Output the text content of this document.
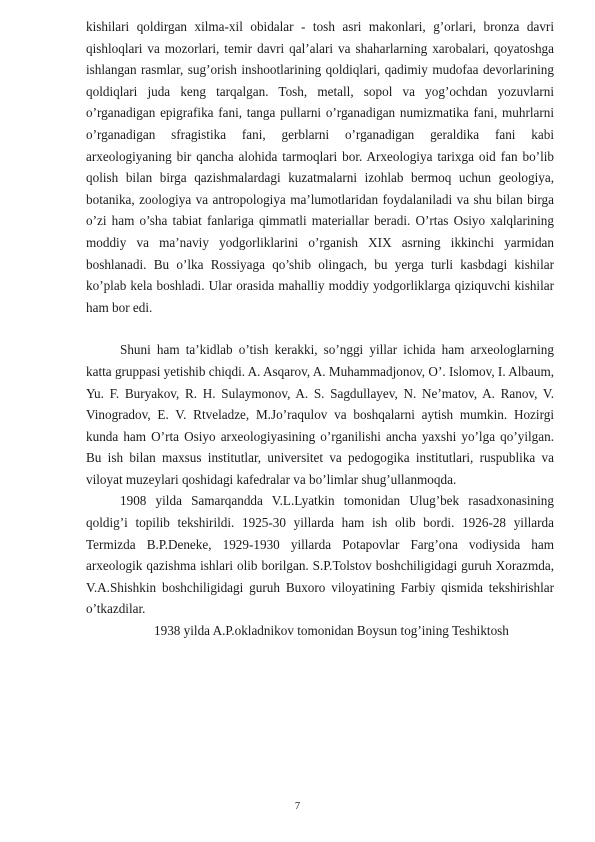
kishilari qoldirgan xilma-xil obidalar - tosh asri makonlari, g’orlari, bronza davri qishloqlari va mozorlari, temir davri qal’alari va shaharlarning xarobalari, qoyatoshga ishlangan rasmlar, sug’orish inshootlarining qoldiqlari, qadimiy mudofaa devorlarining qoldiqlari juda keng tarqalgan. Tosh, metall, sopol va yog’ochdan yozuvlarni o’rganadigan epigrafika fani, tanga pullarni o’rganadigan numizmatika fani, muhrlarni o’rganadigan sfragistika fani, gerblarni o’rganadigan geraldika fani kabi arxeologiyaning bir qancha alohida tarmoqlari bor. Arxeologiya tarixga oid fan bo’lib qolish bilan birga qazishmalardagi kuzatmalarni izohlab bermoq uchun geologiya, botanika, zoologiya va antropologiya ma’lumotlaridan foydalaniladi va shu bilan birga o’zi ham o’sha tabiat fanlariga qimmatli materiallar beradi. O’rtas Osiyo xalqlarining moddiy va ma’naviy yodgorliklarini o’rganish XIX asrning ikkinchi yarmidan boshlanadi. Bu o’lka Rossiyaga qo’shib olingach, bu yerga turli kasbdagi kishilar ko’plab kela boshladi. Ular orasida mahalliy moddiy yodgorliklarga qiziquvchi kishilar ham bor edi.

Shuni ham ta’kidlab o’tish kerakki, so’nggi yillar ichida ham arxeologlarning katta gruppasi yetishib chiqdi. A. Asqarov, A. Muhammadjonov, O’. Islomov, I. Albaum, Yu. F. Buryakov, R. H. Sulaymonov, A. S. Sagdullayev, N. Ne’matov, A. Ranov, V. Vinogradov, E. V. Rtveladze, M.Jo’raqulov va boshqalarni aytish mumkin. Hozirgi kunda ham O’rta Osiyo arxeologiyasining o’rganilishi ancha yaxshi yo’lga qo’yilgan. Bu ish bilan maxsus institutlar, universitet va pedogogika institutlari, ruspublika va viloyat muzeylari qoshidagi kafedralar va bo’limlar shug’ullanmoqda.

1908 yilda Samarqandda V.L.Lyatkin tomonidan Ulug’bek rasadxonasining qoldig’i topilib tekshirildi. 1925-30 yillarda ham ish olib bordi. 1926-28 yillarda Termizda B.P.Deneke, 1929-1930 yillarda Potapovlar Farg’ona vodiysida ham arxeologik qazishma ishlari olib borilgan. S.P.Tolstov boshchiligidagi guruh Xorazmda, V.A.Shishkin boshchiligidagi guruh Buxoro viloyatining Farbiy qismida tekshirishlar o’tkazdilar.

1938 yilda A.P.okladnikov tomonidan Boysun tog’ining Teshiktosh

7
